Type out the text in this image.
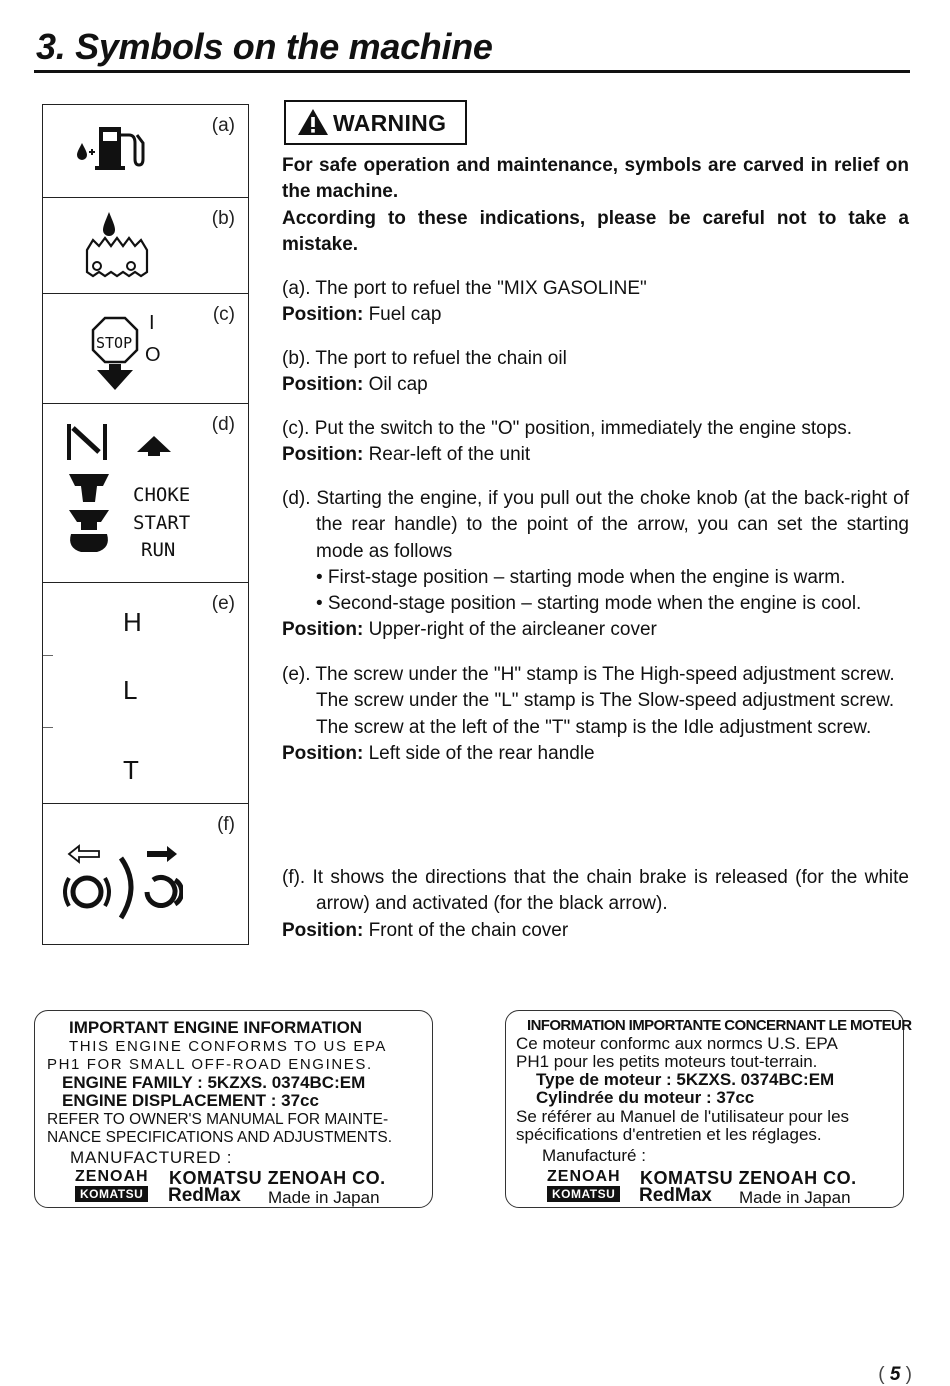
3. Symbols on the machine
(a)
(b)
(c)
STOP
I
O
(d)
CHOKE
START
RUN
(e)
H
L
T
(f)
WARNING
For safe operation and maintenance, symbols are carved in relief on the machine.
According to these indications, please be careful not to take a mistake.
(a). The port to refuel the "MIX GASOLINE"
Position: Fuel cap
(b). The port to refuel the chain oil
Position: Oil cap
(c). Put the switch to the "O" position, immediately the engine stops.
Position: Rear-left of the unit
(d). Starting the engine, if you pull out the choke knob (at the back-right of the rear handle) to the point of the arrow, you can set the starting mode as follows
• First-stage position – starting mode when the engine is warm.
• Second-stage position – starting mode when the engine is cool.
Position: Upper-right of the aircleaner cover
(e). The screw under the "H" stamp is The High-speed adjustment screw.
The screw under the "L" stamp is The Slow-speed adjustment screw.
The screw at the left of the "T" stamp is the Idle adjustment screw.
Position: Left side of the rear handle
(f). It shows the directions that the chain brake is released (for the white arrow) and activated (for the black arrow).
Position: Front of the chain cover
IMPORTANT ENGINE INFORMATION
THIS ENGINE CONFORMS TO US EPA
PH1 FOR SMALL OFF-ROAD ENGINES.
ENGINE FAMILY : 5KZXS. 0374BC:EM
ENGINE DISPLACEMENT : 37cc
REFER TO OWNER'S MANUMAL FOR MAINTE-
NANCE SPECIFICATIONS AND ADJUSTMENTS.
MANUFACTURED :
ZENOAH
KOMATSU
KOMATSU ZENOAH CO.
RedMax Made in Japan
INFORMATION IMPORTANTE CONCERNANT LE MOTEUR
Ce moteur conformc aux normcs U.S. EPA
PH1 pour les petits moteurs tout-terrain.
Type de moteur : 5KZXS. 0374BC:EM
Cylindrée du moteur : 37cc
Se référer au Manuel de l'utilisateur pour les
spécifications d'entretien et les réglages.
Manufacturé :
ZENOAH
KOMATSU
KOMATSU ZENOAH CO.
RedMax Made in Japan
( 5 )
